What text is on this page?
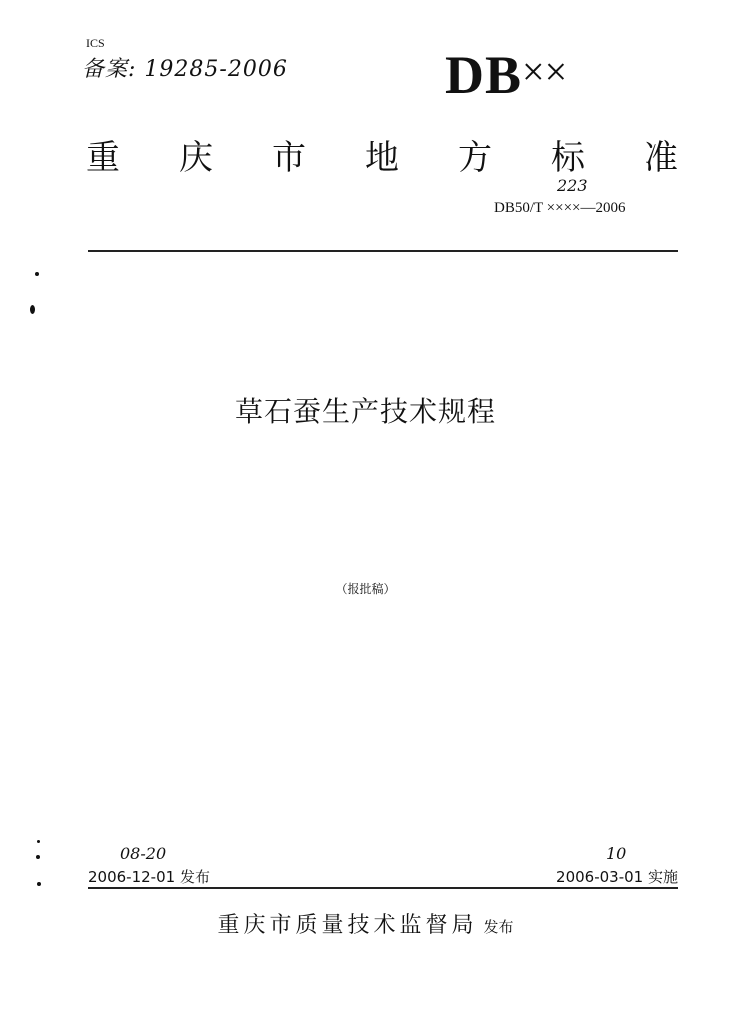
ICS
备案: 19285-2006	DB××
重 庆 市 地 方 标 准
223
DB50/T ××××—2006
草石蚕生产技术规程
（报批稿）
08-20
2006-12-01 发布
10
2006-03-01 实施
重庆市质量技术监督局 发布
